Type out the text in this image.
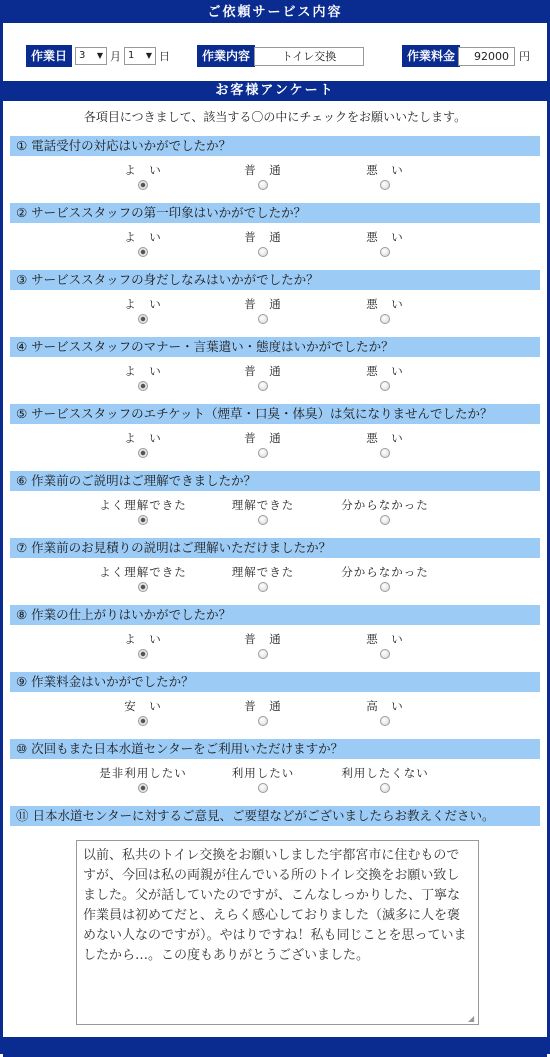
ご依頼サービス内容
作業日	3 ▼ 月 1 ▼ 日	作業内容	トイレ交換	作業料金	92000 円
お客様アンケート
各項目につきまして、該当する〇の中にチェックをお願いいたします。
① 電話受付の対応はいかがでしたか？
よ　い	普　通	悪　い
② サービススタッフの第一印象はいかがでしたか？
よ　い	普　通	悪　い
③ サービススタッフの身だしなみはいかがでしたか？
よ　い	普　通	悪　い
④ サービススタッフのマナー・言葉遣い・態度はいかがでしたか？
よ　い	普　通	悪　い
⑤ サービススタッフのエチケット（煙草・口臭・体臭）は気になりませんでしたか？
よ　い	普　通	悪　い
⑥ 作業前のご説明はご理解できましたか？
よく理解できた	理解できた	分からなかった
⑦ 作業前のお見積りの説明はご理解いただけましたか？
よく理解できた	理解できた	分からなかった
⑧ 作業の仕上がりはいかがでしたか？
よ　い	普　通	悪　い
⑨ 作業料金はいかがでしたか？
安　い	普　通	高　い
⑩ 次回もまた日本水道センターをご利用いただけますか？
是非利用したい	利用したい	利用したくない
⑪ 日本水道センターに対するご意見、ご要望などがございましたらお教えください。
以前、私共のトイレ交換をお願いしました宇都宮市に住むものですが、今回は私の両親が住んでいる所のトイレ交換をお願い致しました。父が話していたのですが、こんなしっかりした、丁寧な作業員は初めてだと、えらく感心しておりました（滅多に人を褒めない人なのですが）。やはりですね！私も同じことを思っていましたから…。この度もありがとうございました。
◢
